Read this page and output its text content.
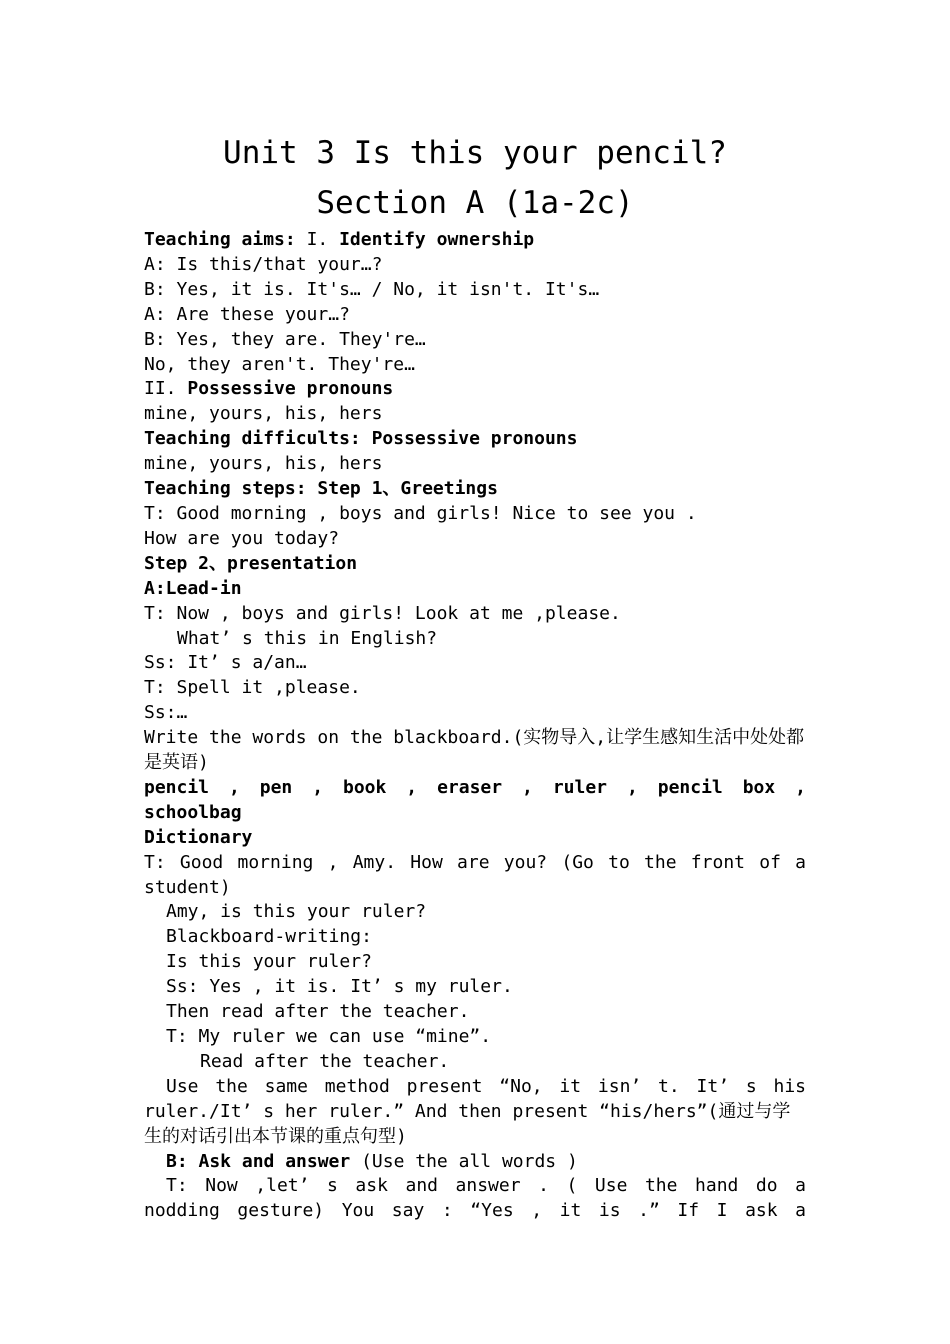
Unit 3 Is this your pencil?
Section A (1a-2c)
Teaching aims: I. Identify ownership
A: Is this/that your…?
B: Yes, it is. It's… / No, it isn't. It's…
A: Are these your…?
B: Yes, they are. They're…
No, they aren't. They're…
II. Possessive pronouns
mine, yours, his, hers
Teaching difficults: Possessive pronouns
mine, yours, his, hers
Teaching steps: Step 1、Greetings
T: Good morning , boys and girls! Nice to see you .
How are you today?
Step 2、presentation
A:Lead-in
T: Now , boys and girls! Look at me ,please.
What’ s this in English?
Ss: It’ s a/an…
T: Spell it ,please.
Ss:…
Write the words on the blackboard.(实物导入,让学生感知生活中处处都是英语)
pencil , pen , book , eraser , ruler , pencil box ,
schoolbag
Dictionary
T: Good morning , Amy. How are you? (Go to the front of a
student)
Amy, is this your ruler?
Blackboard-writing:
Is this your ruler?
Ss: Yes , it is. It’ s my ruler.
Then read after the teacher.
T: My ruler we can use “mine”.
Read after the teacher.
Use the same method present “No, it isn’ t. It’ s his
ruler./It’ s her ruler.” And then present “his/hers”(通过与学生的对话引出本节课的重点句型)
B: Ask and answer (Use the all words )
T: Now ,let’ s ask and answer . ( Use the hand do a
nodding gesture) You say : “Yes , it is .” If I ask a
